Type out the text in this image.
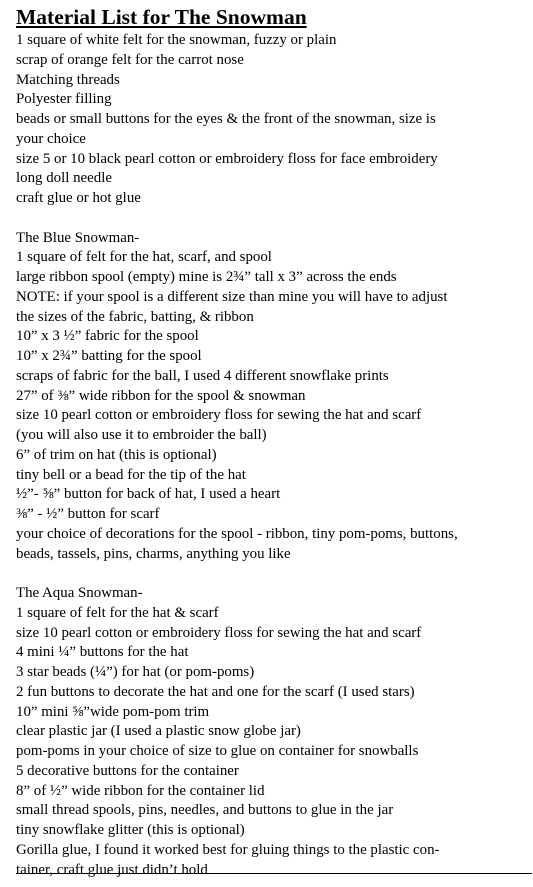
Material List for The Snowman
1 square of white felt for the snowman, fuzzy or plain
scrap of orange felt for the carrot nose
Matching threads
Polyester filling
beads or small buttons for the eyes & the front of the snowman, size is
your choice
size 5 or 10 black pearl cotton or embroidery floss for face embroidery
long doll needle
craft glue or hot glue
The Blue Snowman-
1 square of felt for the hat, scarf, and spool
large ribbon spool (empty) mine is 2¾” tall x 3” across the ends
NOTE: if your spool is a different size than mine you will have to adjust
the sizes of the fabric, batting, & ribbon
10” x 3 ½” fabric for the spool
10” x 2¾” batting for the spool
scraps of fabric for the ball, I used 4 different snowflake prints
27” of ⅜” wide ribbon for the spool & snowman
size 10 pearl cotton or embroidery floss for sewing the hat and scarf
(you will also use it to embroider the ball)
6” of trim on hat (this is optional)
tiny bell or a bead for the tip of the hat
½”- ⅝” button for back of hat, I used a heart
⅜” - ½” button for scarf
your choice of decorations for the spool - ribbon, tiny pom-poms, buttons,
beads, tassels, pins, charms, anything you like
The Aqua Snowman-
1 square of felt for the hat & scarf
size 10 pearl cotton or embroidery floss for sewing the hat and scarf
4 mini ¼” buttons for the hat
3 star beads (¼”) for hat (or pom-poms)
2 fun buttons to decorate the hat and one for the scarf (I used stars)
10” mini ⅝”wide pom-pom trim
clear plastic jar (I used a plastic snow globe jar)
pom-poms in your choice of size to glue on container for snowballs
5 decorative buttons for the container
8” of ½” wide ribbon for the container lid
small thread spools, pins, needles, and buttons to glue in the jar
tiny snowflake glitter (this is optional)
Gorilla glue, I found it worked best for gluing things to the plastic con-
tainer, craft glue just didn’t hold
